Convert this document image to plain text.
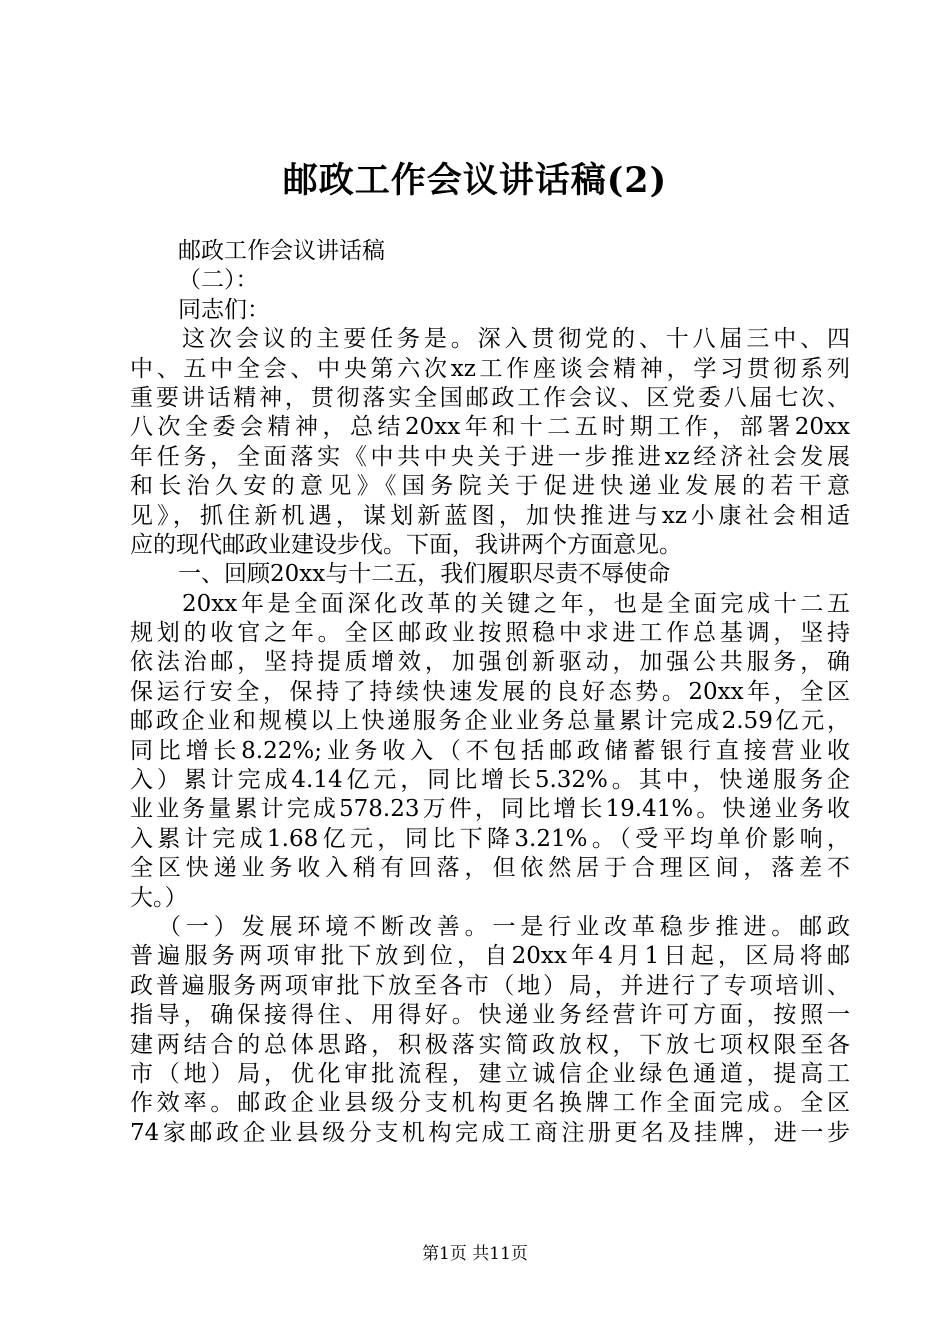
邮政工作会议讲话稿(2)
邮政工作会议讲话稿
（二）：
同志们：
这次会议的主要任务是。深入贯彻党的、十八届三中、四
中、五中全会、中央第六次xz工作座谈会精神，学习贯彻系列
重要讲话精神，贯彻落实全国邮政工作会议、区党委八届七次、
八次全委会精神，总结20xx年和十二五时期工作，部署20xx
年任务，全面落实《中共中央关于进一步推进xz经济社会发展
和长治久安的意见》《国务院关于促进快递业发展的若干意
见》，抓住新机遇，谋划新蓝图，加快推进与xz小康社会相适
应的现代邮政业建设步伐。下面，我讲两个方面意见。
一、回顾20xx与十二五，我们履职尽责不辱使命
20xx年是全面深化改革的关键之年，也是全面完成十二五
规划的收官之年。全区邮政业按照稳中求进工作总基调，坚持
依法治邮，坚持提质增效，加强创新驱动，加强公共服务，确
保运行安全，保持了持续快速发展的良好态势。20xx年，全区
邮政企业和规模以上快递服务企业业务总量累计完成2.59亿元，
同比增长8.22%;业务收入（不包括邮政储蓄银行直接营业收
入）累计完成4.14亿元，同比增长5.32%。其中，快递服务企
业业务量累计完成578.23万件，同比增长19.41%。快递业务收
入累计完成1.68亿元，同比下降3.21%。（受平均单价影响，
全区快递业务收入稍有回落，但依然居于合理区间，落差不
大。）
（一）发展环境不断改善。一是行业改革稳步推进。邮政
普遍服务两项审批下放到位，自20xx年4月1日起，区局将邮
政普遍服务两项审批下放至各市（地）局，并进行了专项培训、
指导，确保接得住、用得好。快递业务经营许可方面，按照一
建两结合的总体思路，积极落实简政放权，下放七项权限至各
市（地）局，优化审批流程，建立诚信企业绿色通道，提高工
作效率。邮政企业县级分支机构更名换牌工作全面完成。全区
74家邮政企业县级分支机构完成工商注册更名及挂牌，进一步
第1页 共11页
